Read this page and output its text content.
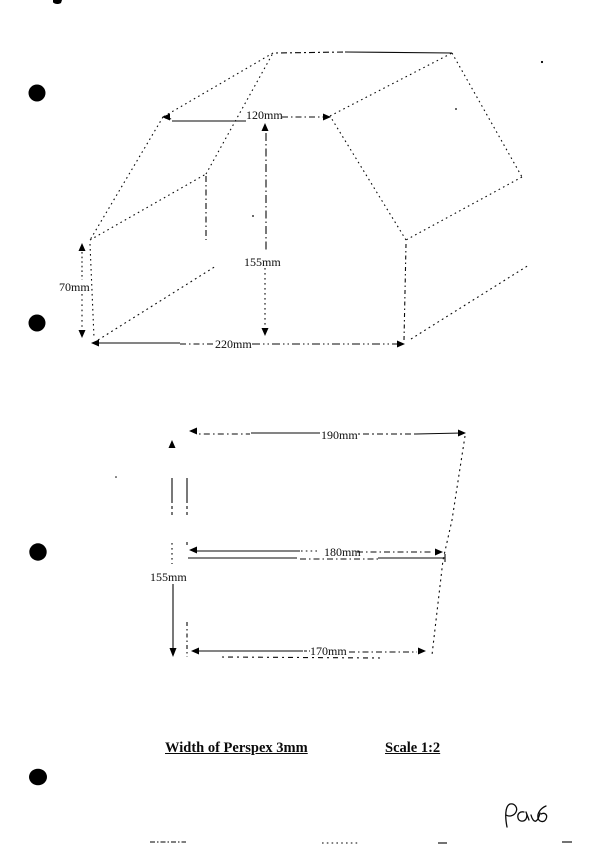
120mm
155mm
70mm
220mm
190mm
155mm
180mm
170mm
Width of Perspex 3mm	Scale 1:2
